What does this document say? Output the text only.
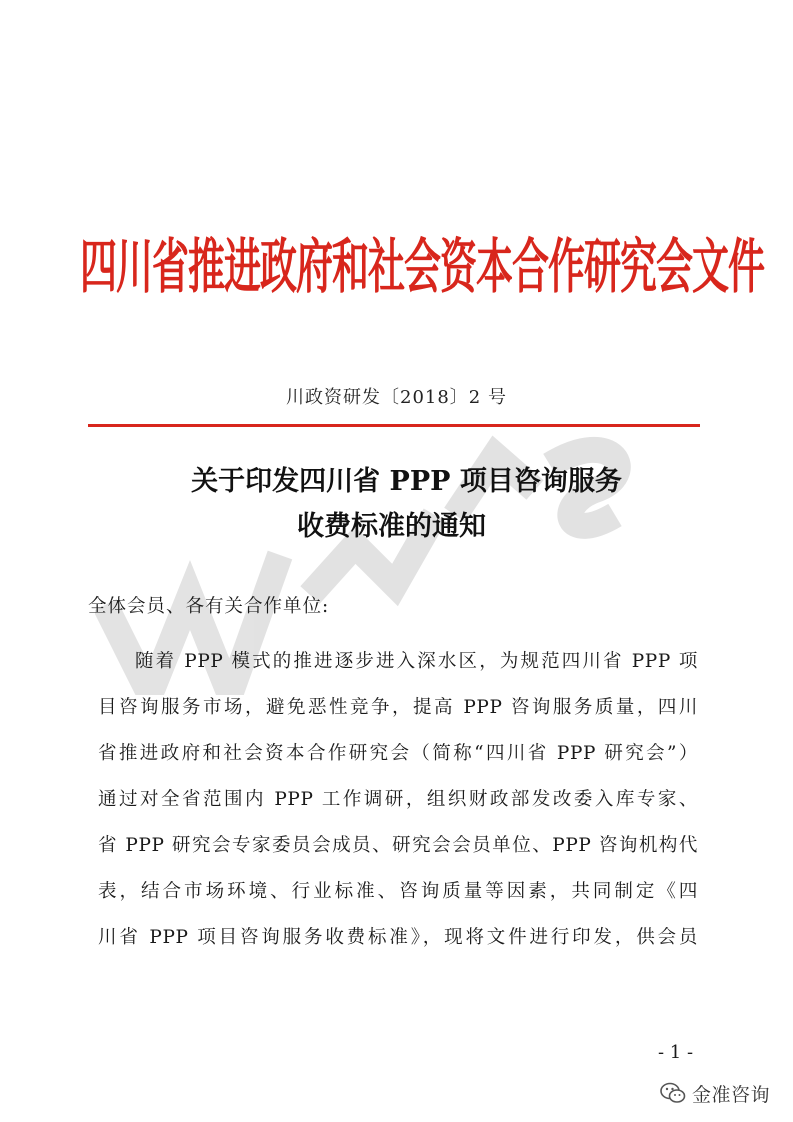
四川省推进政府和社会资本合作研究会文件
川政资研发〔2018〕2 号
关于印发四川省 PPP 项目咨询服务
收费标准的通知
全体会员、各有关合作单位:
随着 PPP 模式的推进逐步进入深水区，为规范四川省 PPP 项
目咨询服务市场，避免恶性竞争，提高 PPP 咨询服务质量，四川
省推进政府和社会资本合作研究会（简称“四川省 PPP 研究会”）
通过对全省范围内 PPP 工作调研，组织财政部发改委入库专家、
省 PPP 研究会专家委员会成员、研究会会员单位、PPP 咨询机构代
表，结合市场环境、行业标准、咨询质量等因素，共同制定《四
川省 PPP 项目咨询服务收费标准》，现将文件进行印发，供会员
- 1 -
金准咨询
